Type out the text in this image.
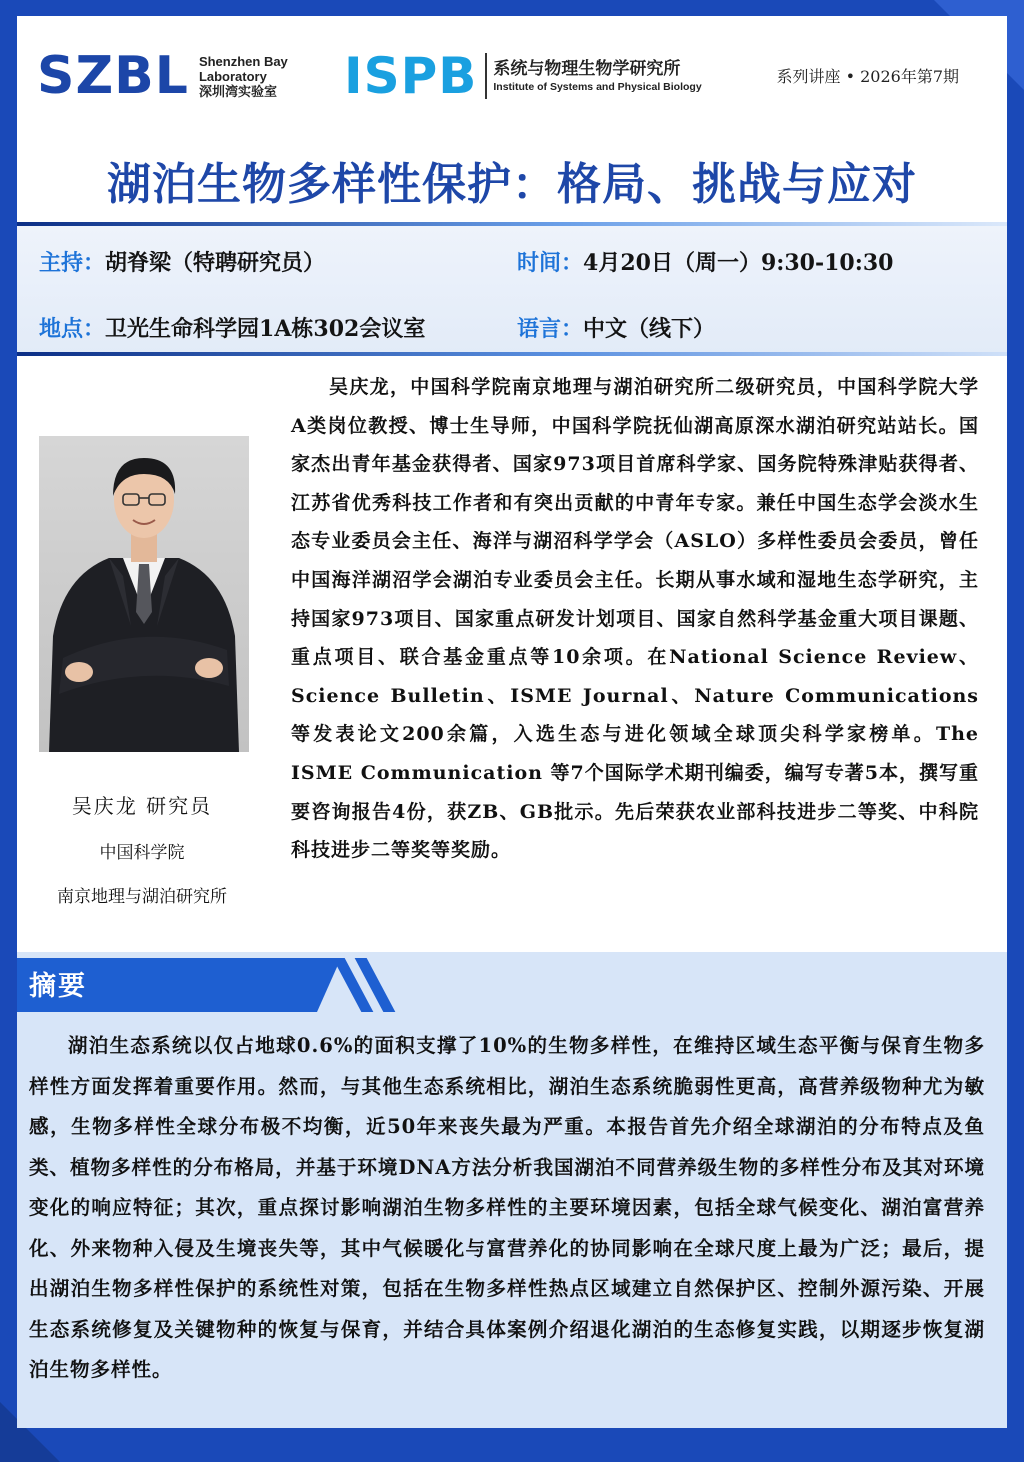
SZBL Shenzhen Bay
Laboratory
深圳湾实验室 ISPB 系统与物理生物学研究所
Institute of Systems and Physical Biology
系列讲座 • 2026年第7期
湖泊生物多样性保护：格局、挑战与应对
主持：胡脊梁（特聘研究员）	时间：4月20日（周一）9:30-10:30
地点：卫光生命科学园1A栋302会议室	语言：中文（线下）
吴庆龙 研究员
中国科学院
南京地理与湖泊研究所
吴庆龙，中国科学院南京地理与湖泊研究所二级研究员，中国科学院大学A类岗位教授、博士生导师，中国科学院抚仙湖高原深水湖泊研究站站长。国家杰出青年基金获得者、国家973项目首席科学家、国务院特殊津贴获得者、江苏省优秀科技工作者和有突出贡献的中青年专家。兼任中国生态学会淡水生态专业委员会主任、海洋与湖沼科学学会（ASLO）多样性委员会委员，曾任中国海洋湖沼学会湖泊专业委员会主任。长期从事水域和湿地生态学研究，主持国家973项目、国家重点研发计划项目、国家自然科学基金重大项目课题、重点项目、联合基金重点等10余项。在National Science Review、Science Bulletin、ISME Journal、Nature Communications等发表论文200余篇，入选生态与进化领域全球顶尖科学家榜单。The ISME Communication 等7个国际学术期刊编委，编写专著5本，撰写重要咨询报告4份，获ZB、GB批示。先后荣获农业部科技进步二等奖、中科院科技进步二等奖等奖励。
摘要
湖泊生态系统以仅占地球0.6%的面积支撑了10%的生物多样性，在维持区域生态平衡与保育生物多样性方面发挥着重要作用。然而，与其他生态系统相比，湖泊生态系统脆弱性更高，高营养级物种尤为敏感，生物多样性全球分布极不均衡，近50年来丧失最为严重。本报告首先介绍全球湖泊的分布特点及鱼类、植物多样性的分布格局，并基于环境DNA方法分析我国湖泊不同营养级生物的多样性分布及其对环境变化的响应特征；其次，重点探讨影响湖泊生物多样性的主要环境因素，包括全球气候变化、湖泊富营养化、外来物种入侵及生境丧失等，其中气候暖化与富营养化的协同影响在全球尺度上最为广泛；最后，提出湖泊生物多样性保护的系统性对策，包括在生物多样性热点区域建立自然保护区、控制外源污染、开展生态系统修复及关键物种的恢复与保育，并结合具体案例介绍退化湖泊的生态修复实践，以期逐步恢复湖泊生物多样性。
